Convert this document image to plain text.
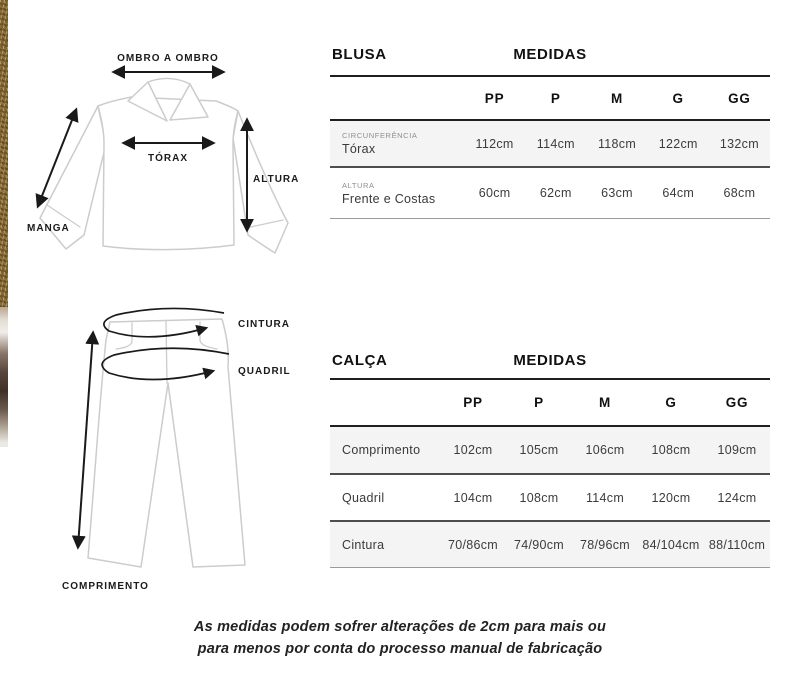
OMBRO A OMBRO
TÓRAX
ALTURA
MANGA
CINTURA
QUADRIL
COMPRIMENTO
BLUSA	MEDIDAS
PP	P	M	G	GG
CIRCUNFERÊNCIA
Tórax	112cm	114cm	118cm	122cm	132cm
ALTURA
Frente e Costas	60cm	62cm	63cm	64cm	68cm
CALÇA	MEDIDAS
PP	P	M	G	GG
Comprimento	102cm	105cm	106cm	108cm	109cm
Quadril	104cm	108cm	114cm	120cm	124cm
Cintura	70/86cm	74/90cm	78/96cm 84/104cm 88/110cm
As medidas podem sofrer alterações de 2cm para mais ou
para menos por conta do processo manual de fabricação
